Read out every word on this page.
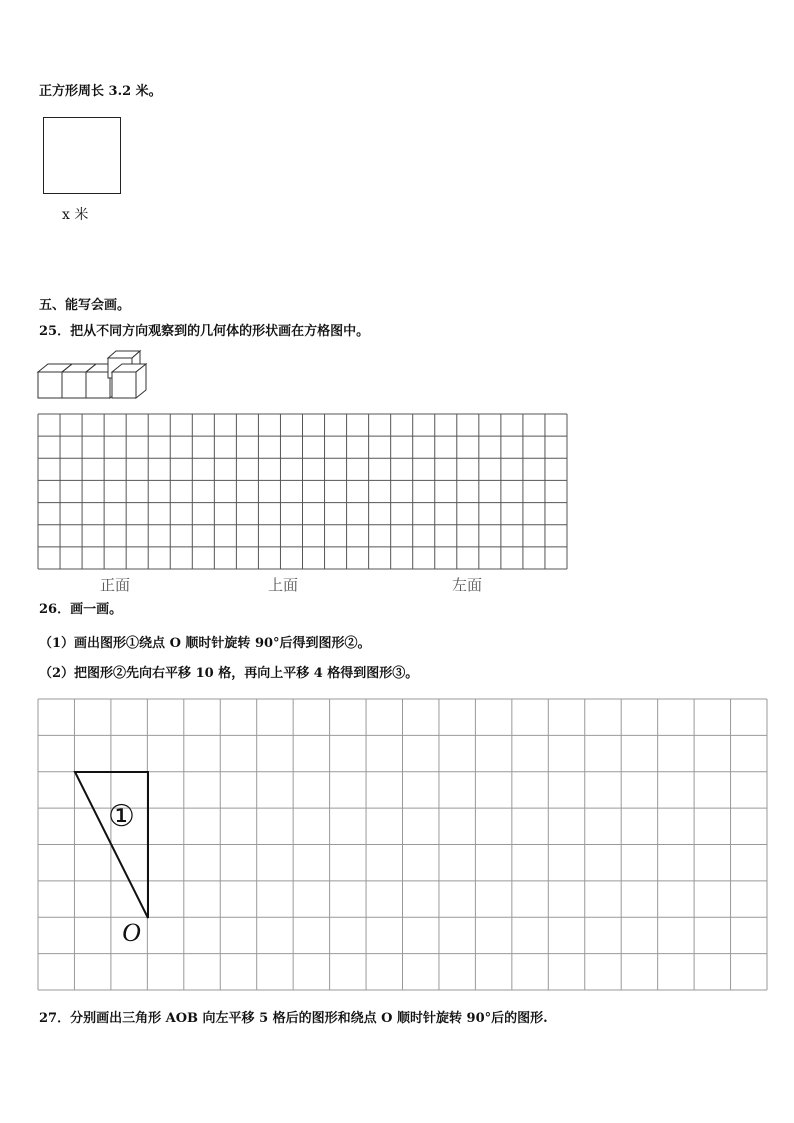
正方形周长 3.2 米。
x 米
五、能写会画。
25．把从不同方向观察到的几何体的形状画在方格图中。
正面	上面	左面
26．画一画。
（1）画出图形①绕点 O 顺时针旋转 90°后得到图形②。
（2）把图形②先向右平移 10 格，再向上平移 4 格得到图形③。
①
O
27．分别画出三角形 AOB 向左平移 5 格后的图形和绕点 O 顺时针旋转 90°后的图形.
